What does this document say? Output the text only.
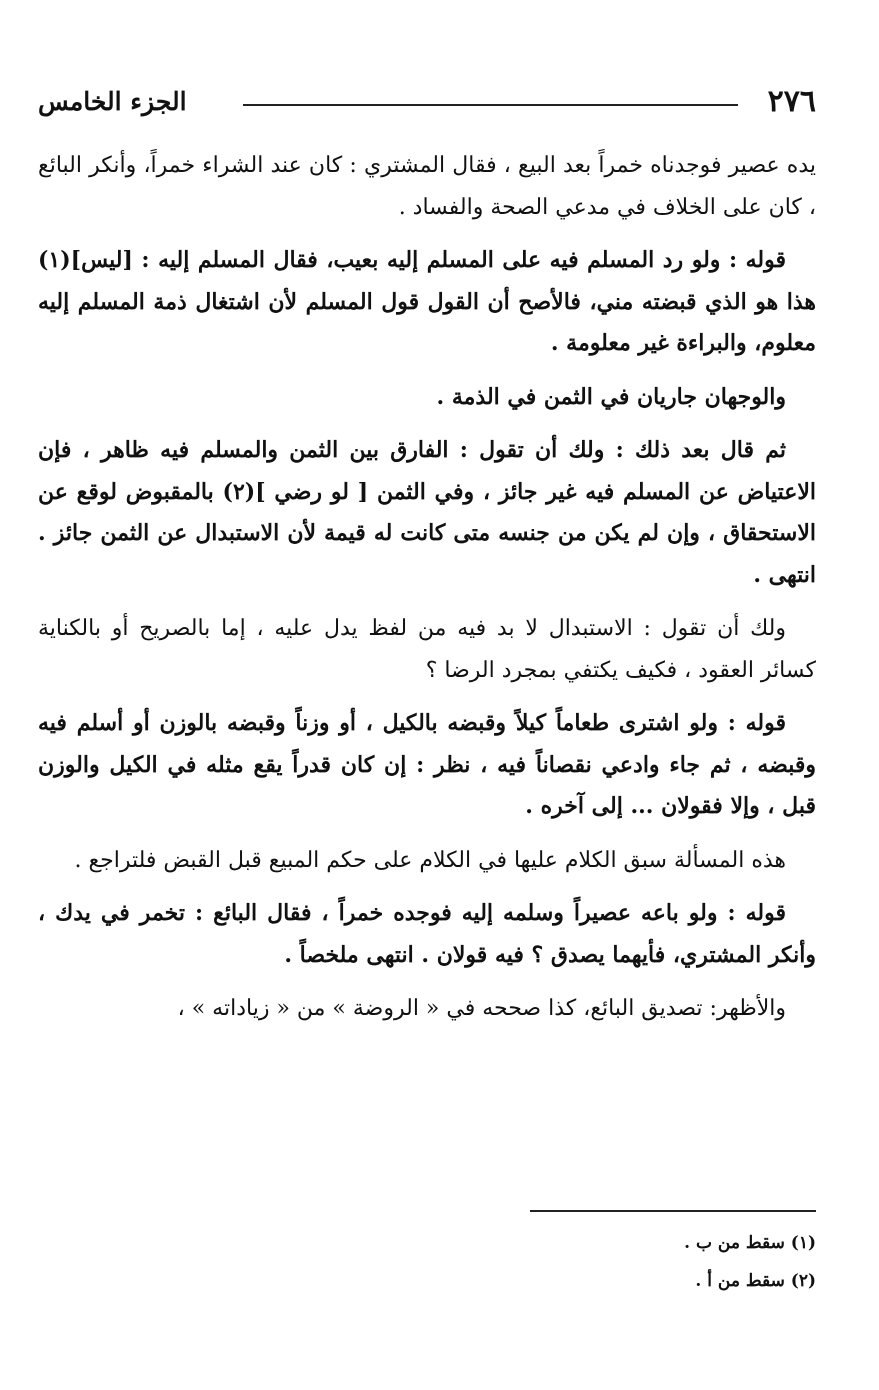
٢٧٦
الجزء الخامس

يده عصير فوجدناه خمراً بعد البيع ، فقال المشتري : كان عند الشراء خمراً، وأنكر البائع ، كان على الخلاف في مدعي الصحة والفساد .

قوله : ولو رد المسلم فيه على المسلم إليه بعيب، فقال المسلم إليه : [ليس](١) هذا هو الذي قبضته مني، فالأصح أن القول قول المسلم لأن اشتغال ذمة المسلم إليه معلوم، والبراءة غير معلومة .

والوجهان جاريان في الثمن في الذمة .

ثم قال بعد ذلك : ولك أن تقول : الفارق بين الثمن والمسلم فيه ظاهر ، فإن الاعتياض عن المسلم فيه غير جائز ، وفي الثمن [ لو رضي ](٢) بالمقبوض لوقع عن الاستحقاق ، وإن لم يكن من جنسه متى كانت له قيمة لأن الاستبدال عن الثمن جائز . انتهى .

ولك أن تقول : الاستبدال لا بد فيه من لفظ يدل عليه ، إما بالصريح أو بالكناية كسائر العقود ، فكيف يكتفي بمجرد الرضا ؟

قوله : ولو اشترى طعاماً كيلاً وقبضه بالكيل ، أو وزناً وقبضه بالوزن أو أسلم فيه وقبضه ، ثم جاء وادعي نقصاناً فيه ، نظر : إن كان قدراً يقع مثله في الكيل والوزن قبل ، وإلا فقولان ... إلى آخره .

هذه المسألة سبق الكلام عليها في الكلام على حكم المبيع قبل القبض فلتراجع .

قوله : ولو باعه عصيراً وسلمه إليه فوجده خمراً ، فقال البائع : تخمر في يدك ، وأنكر المشتري، فأيهما يصدق ؟ فيه قولان . انتهى ملخصاً .

والأظهر: تصديق البائع، كذا صححه في « الروضة » من « زياداته » ،

(١) سقط من ب .

(٢) سقط من أ .
